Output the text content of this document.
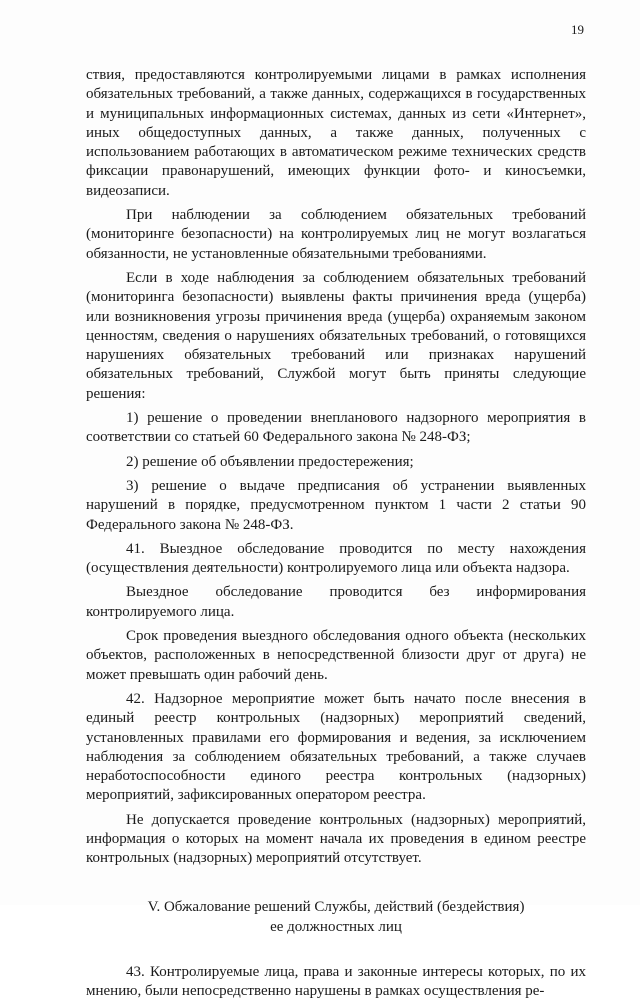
19

ствия, предоставляются контролируемыми лицами в рамках исполнения обязательных требований, а также данных, содержащихся в государственных и муниципальных информационных системах, данных из сети «Интернет», иных общедоступных данных, а также данных, полученных с использованием работающих в автоматическом режиме технических средств фиксации правонарушений, имеющих функции фото- и киносъемки, видеозаписи.

При наблюдении за соблюдением обязательных требований (мониторинге безопасности) на контролируемых лиц не могут возлагаться обязанности, не установленные обязательными требованиями.

Если в ходе наблюдения за соблюдением обязательных требований (мониторинга безопасности) выявлены факты причинения вреда (ущерба) или возникновения угрозы причинения вреда (ущерба) охраняемым законом ценностям, сведения о нарушениях обязательных требований, о готовящихся нарушениях обязательных требований или признаках нарушений обязательных требований, Службой могут быть приняты следующие решения:

1) решение о проведении внепланового надзорного мероприятия в соответствии со статьей 60 Федерального закона № 248-ФЗ;

2) решение об объявлении предостережения;

3) решение о выдаче предписания об устранении выявленных нарушений в порядке, предусмотренном пунктом 1 части 2 статьи 90 Федерального закона № 248-ФЗ.

41. Выездное обследование проводится по месту нахождения (осуществления деятельности) контролируемого лица или объекта надзора.

Выездное обследование проводится без информирования контролируемого лица.

Срок проведения выездного обследования одного объекта (нескольких объектов, расположенных в непосредственной близости друг от друга) не может превышать один рабочий день.

42. Надзорное мероприятие может быть начато после внесения в единый реестр контрольных (надзорных) мероприятий сведений, установленных правилами его формирования и ведения, за исключением наблюдения за соблюдением обязательных требований, а также случаев неработоспособности единого реестра контрольных (надзорных) мероприятий, зафиксированных оператором реестра.

Не допускается проведение контрольных (надзорных) мероприятий, информация о которых на момент начала их проведения в едином реестре контрольных (надзорных) мероприятий отсутствует.

V. Обжалование решений Службы, действий (бездействия)
ее должностных лиц

43. Контролируемые лица, права и законные интересы которых, по их мнению, были непосредственно нарушены в рамках осуществления ре-
